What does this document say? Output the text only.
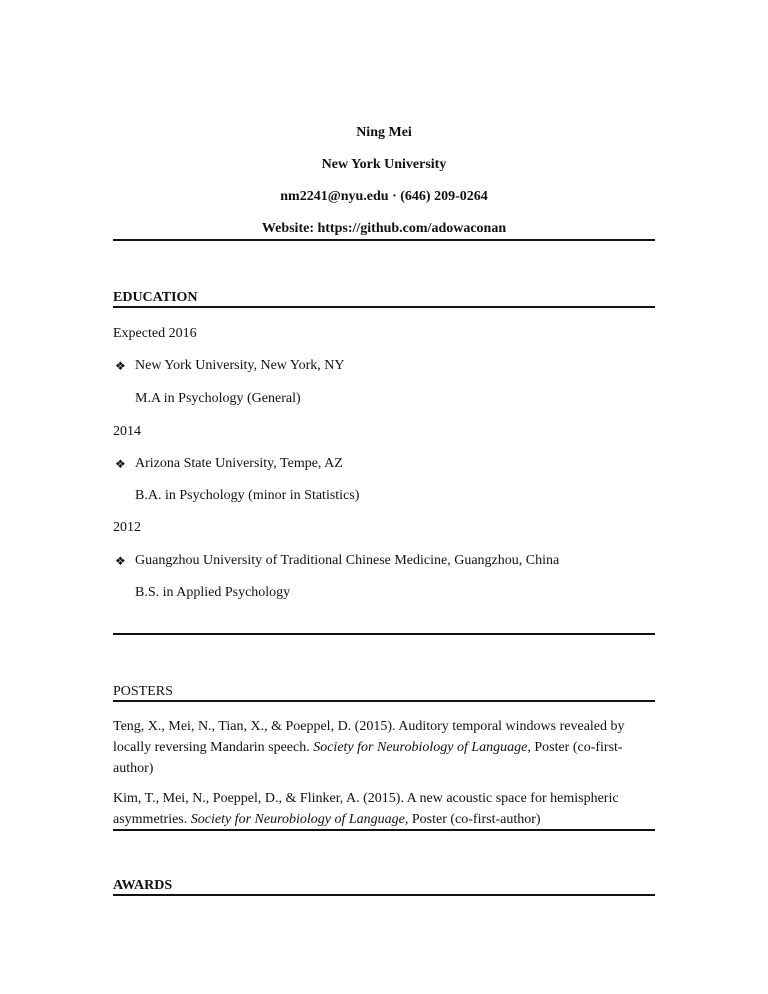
Ning Mei
New York University
nm2241@nyu.edu · (646) 209-0264
Website: https://github.com/adowaconan
EDUCATION
Expected 2016
❖ New York University, New York, NY
M.A in Psychology (General)
2014
❖ Arizona State University, Tempe, AZ
B.A. in Psychology (minor in Statistics)
2012
❖ Guangzhou University of Traditional Chinese Medicine, Guangzhou, China
B.S. in Applied Psychology
POSTERS
Teng, X., Mei, N., Tian, X., & Poeppel, D. (2015). Auditory temporal windows revealed by locally reversing Mandarin speech. Society for Neurobiology of Language, Poster (co-first-author)
Kim, T., Mei, N., Poeppel, D., & Flinker, A. (2015). A new acoustic space for hemispheric asymmetries. Society for Neurobiology of Language, Poster (co-first-author)
AWARDS
